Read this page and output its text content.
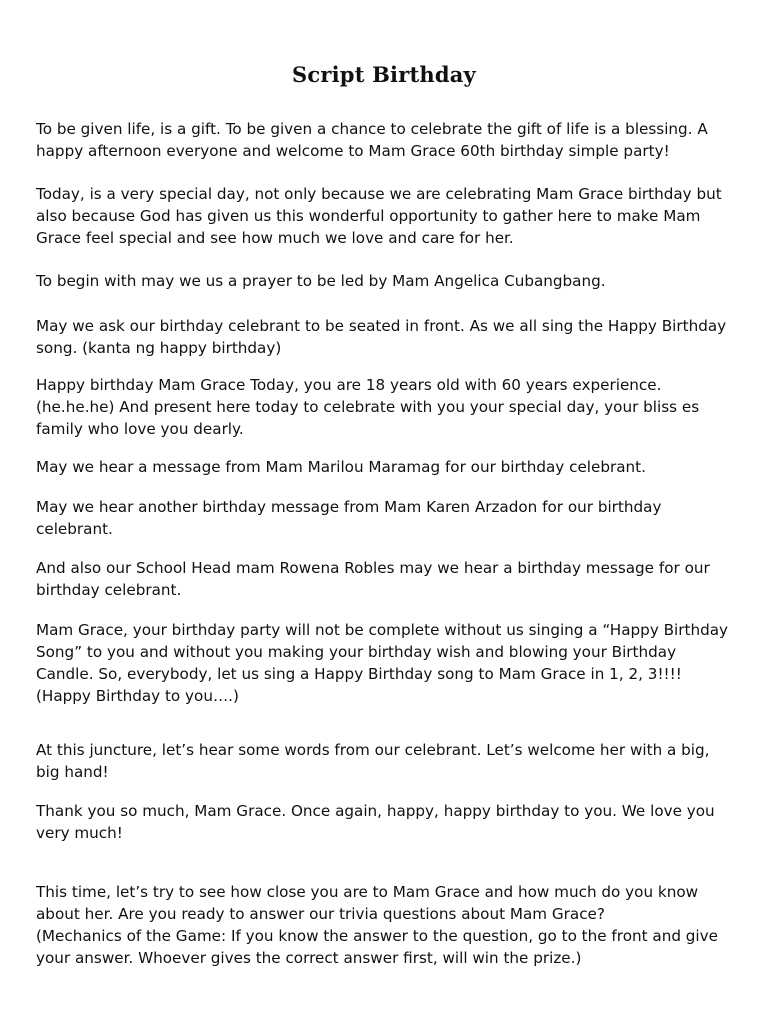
Script Birthday

To be given life, is a gift. To be given a chance to celebrate the gift of life is a blessing. A happy afternoon everyone and welcome to Mam Grace 60th birthday simple party!

Today, is a very special day, not only because we are celebrating Mam Grace birthday but also because God has given us this wonderful opportunity to gather here to make Mam Grace feel special and see how much we love and care for her.

To begin with may we us a prayer to be led by Mam Angelica Cubangbang.

May we ask our birthday celebrant to be seated in front. As we all sing the Happy Birthday song. (kanta ng happy birthday)

Happy birthday Mam Grace Today, you are 18 years old with 60 years experience. (he.he.he) And present here today to celebrate with you your special day, your bliss es family who love you dearly.

May we hear a message from Mam Marilou Maramag for our birthday celebrant.

May we hear another birthday message from Mam Karen Arzadon for our birthday celebrant.

And also our School Head mam Rowena Robles may we hear a birthday message for our birthday celebrant.

Mam Grace, your birthday party will not be complete without us singing a “Happy Birthday Song” to you and without you making your birthday wish and blowing your Birthday Candle. So, everybody, let us sing a Happy Birthday song to Mam Grace in 1, 2, 3!!!! (Happy Birthday to you….)

At this juncture, let’s hear some words from our celebrant. Let’s welcome her with a big, big hand!

Thank you so much, Mam Grace. Once again, happy, happy birthday to you. We love you very much!

This time, let’s try to see how close you are to Mam Grace and how much do you know about her. Are you ready to answer our trivia questions about Mam Grace?

(Mechanics of the Game: If you know the answer to the question, go to the front and give your answer. Whoever gives the correct answer first, will win the prize.)
